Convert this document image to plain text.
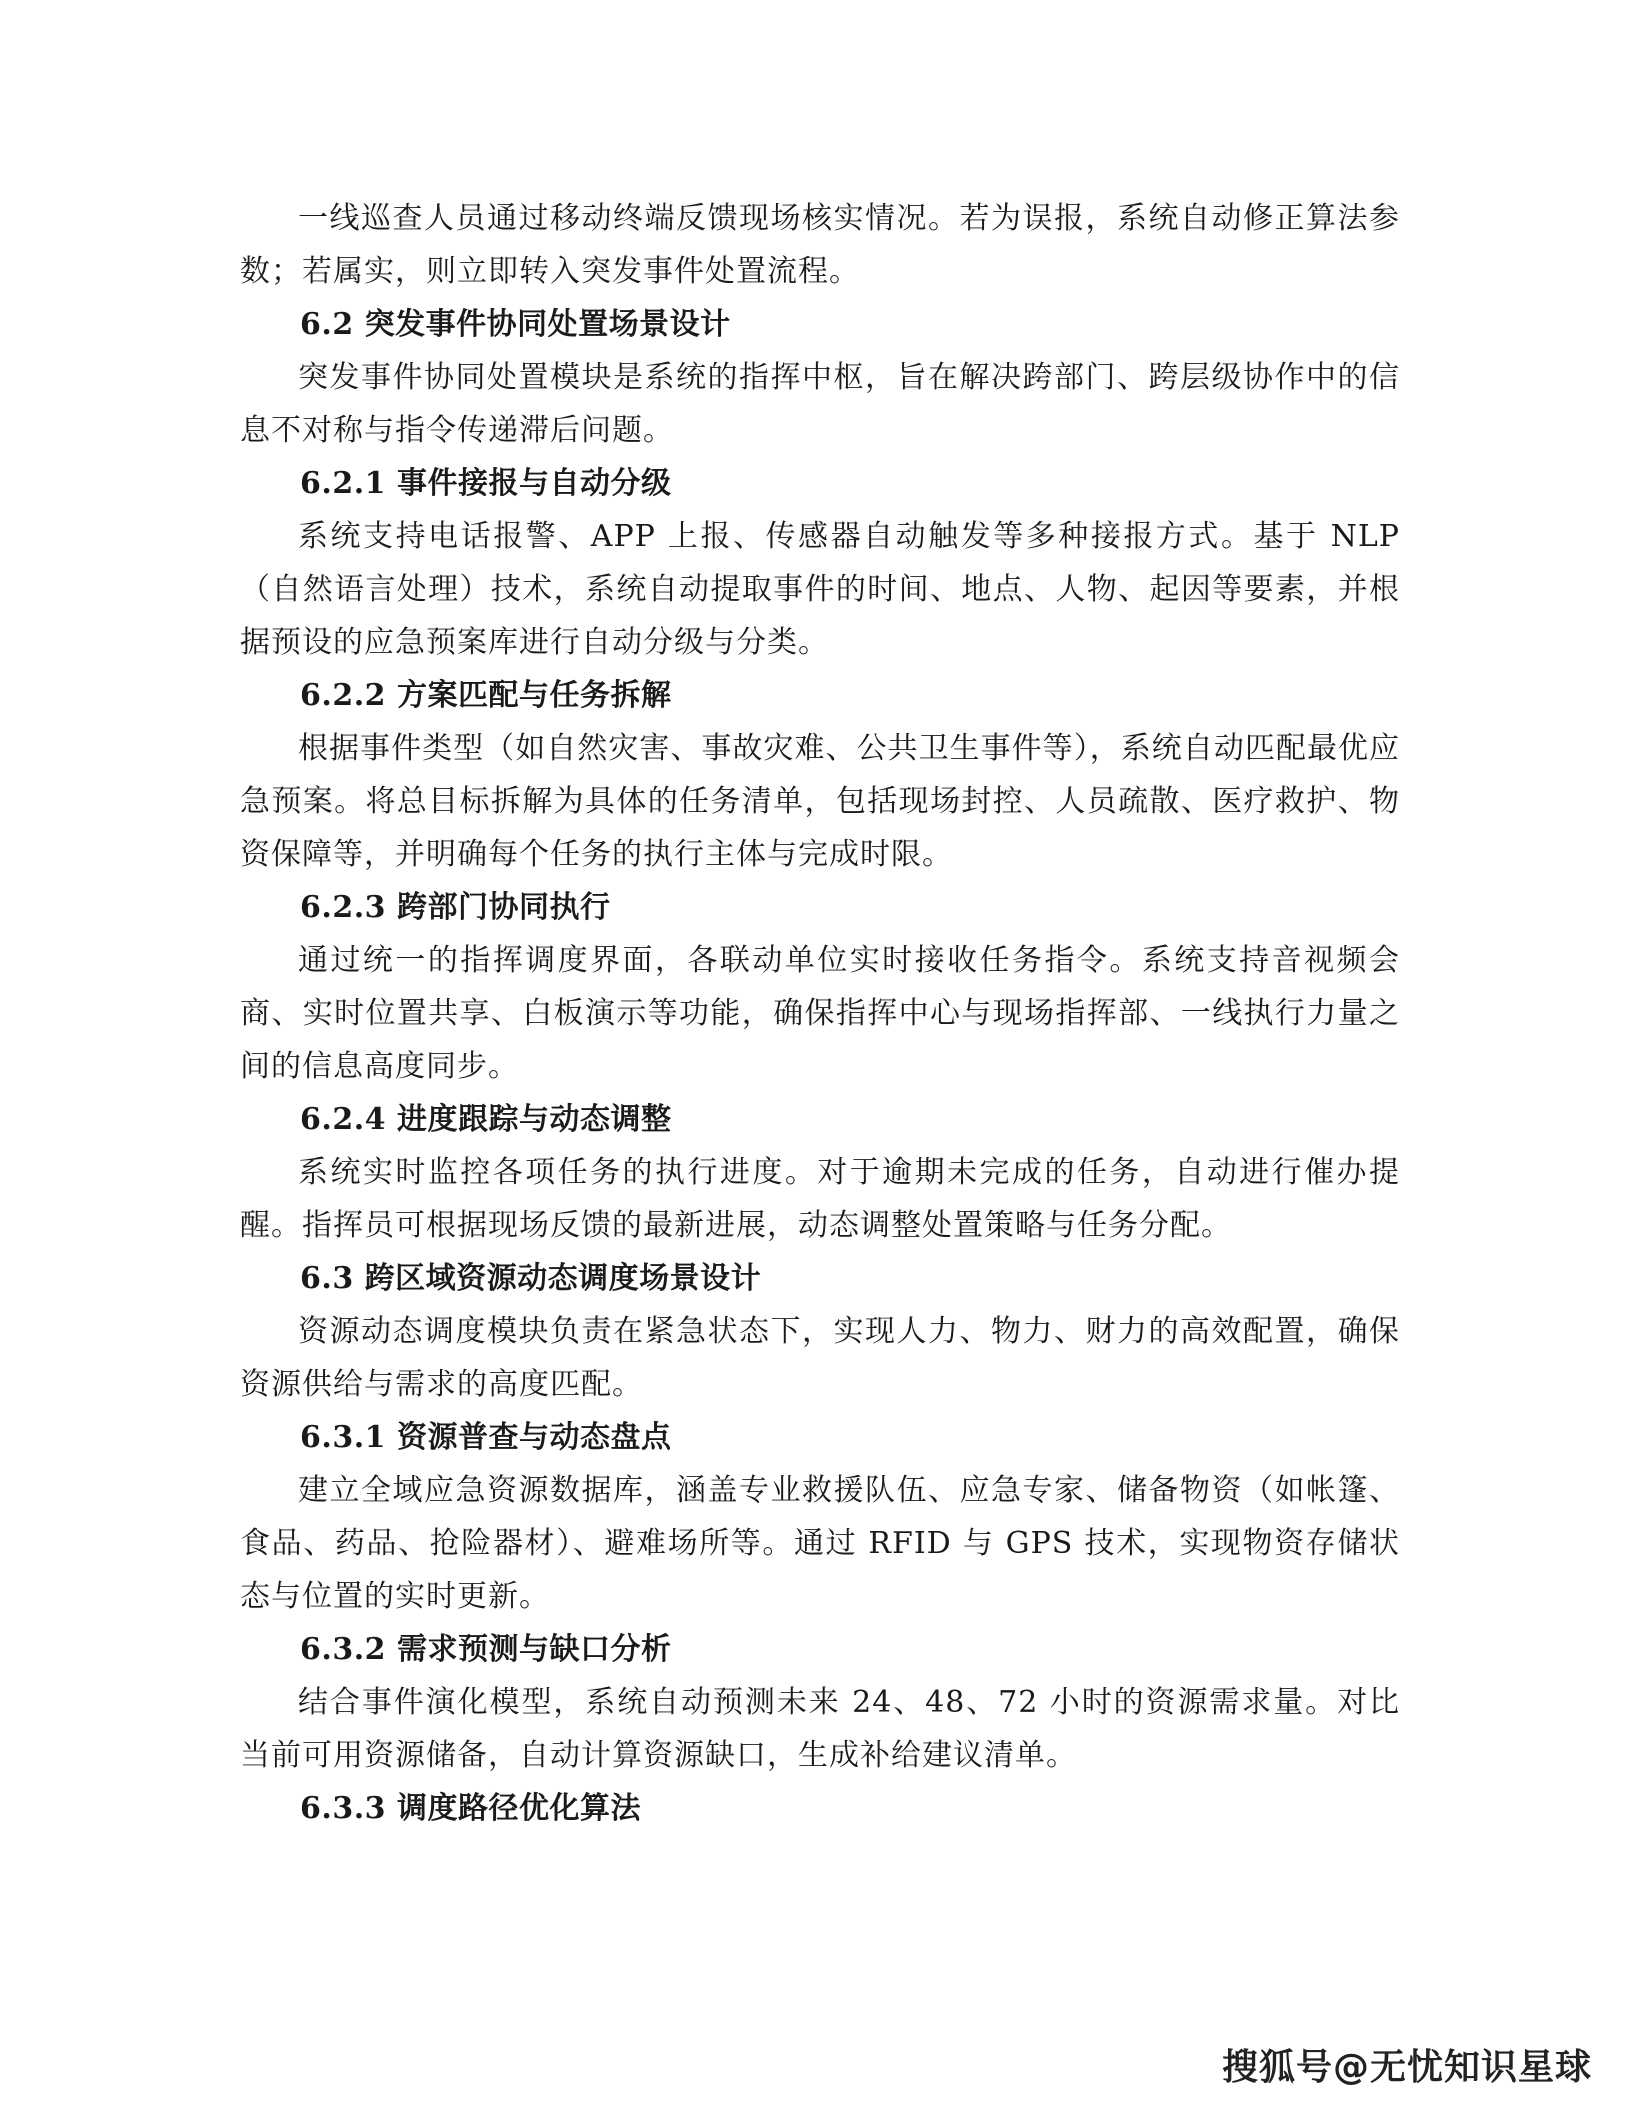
一线巡查人员通过移动终端反馈现场核实情况。若为误报，系统自动修正算法参数；若属实，则立即转入突发事件处置流程。

6.2 突发事件协同处置场景设计

突发事件协同处置模块是系统的指挥中枢，旨在解决跨部门、跨层级协作中的信息不对称与指令传递滞后问题。

6.2.1 事件接报与自动分级

系统支持电话报警、APP 上报、传感器自动触发等多种接报方式。基于 NLP（自然语言处理）技术，系统自动提取事件的时间、地点、人物、起因等要素，并根据预设的应急预案库进行自动分级与分类。

6.2.2 方案匹配与任务拆解

根据事件类型（如自然灾害、事故灾难、公共卫生事件等），系统自动匹配最优应急预案。将总目标拆解为具体的任务清单，包括现场封控、人员疏散、医疗救护、物资保障等，并明确每个任务的执行主体与完成时限。

6.2.3 跨部门协同执行

通过统一的指挥调度界面，各联动单位实时接收任务指令。系统支持音视频会商、实时位置共享、白板演示等功能，确保指挥中心与现场指挥部、一线执行力量之间的信息高度同步。

6.2.4 进度跟踪与动态调整

系统实时监控各项任务的执行进度。对于逾期未完成的任务，自动进行催办提醒。指挥员可根据现场反馈的最新进展，动态调整处置策略与任务分配。

6.3 跨区域资源动态调度场景设计

资源动态调度模块负责在紧急状态下，实现人力、物力、财力的高效配置，确保资源供给与需求的高度匹配。

6.3.1 资源普查与动态盘点

建立全域应急资源数据库，涵盖专业救援队伍、应急专家、储备物资（如帐篷、食品、药品、抢险器材）、避难场所等。通过 RFID 与 GPS 技术，实现物资存储状态与位置的实时更新。

6.3.2 需求预测与缺口分析

结合事件演化模型，系统自动预测未来 24、48、72 小时的资源需求量。对比当前可用资源储备，自动计算资源缺口，生成补给建议清单。

6.3.3 调度路径优化算法
搜狐号@无忧知识星球
